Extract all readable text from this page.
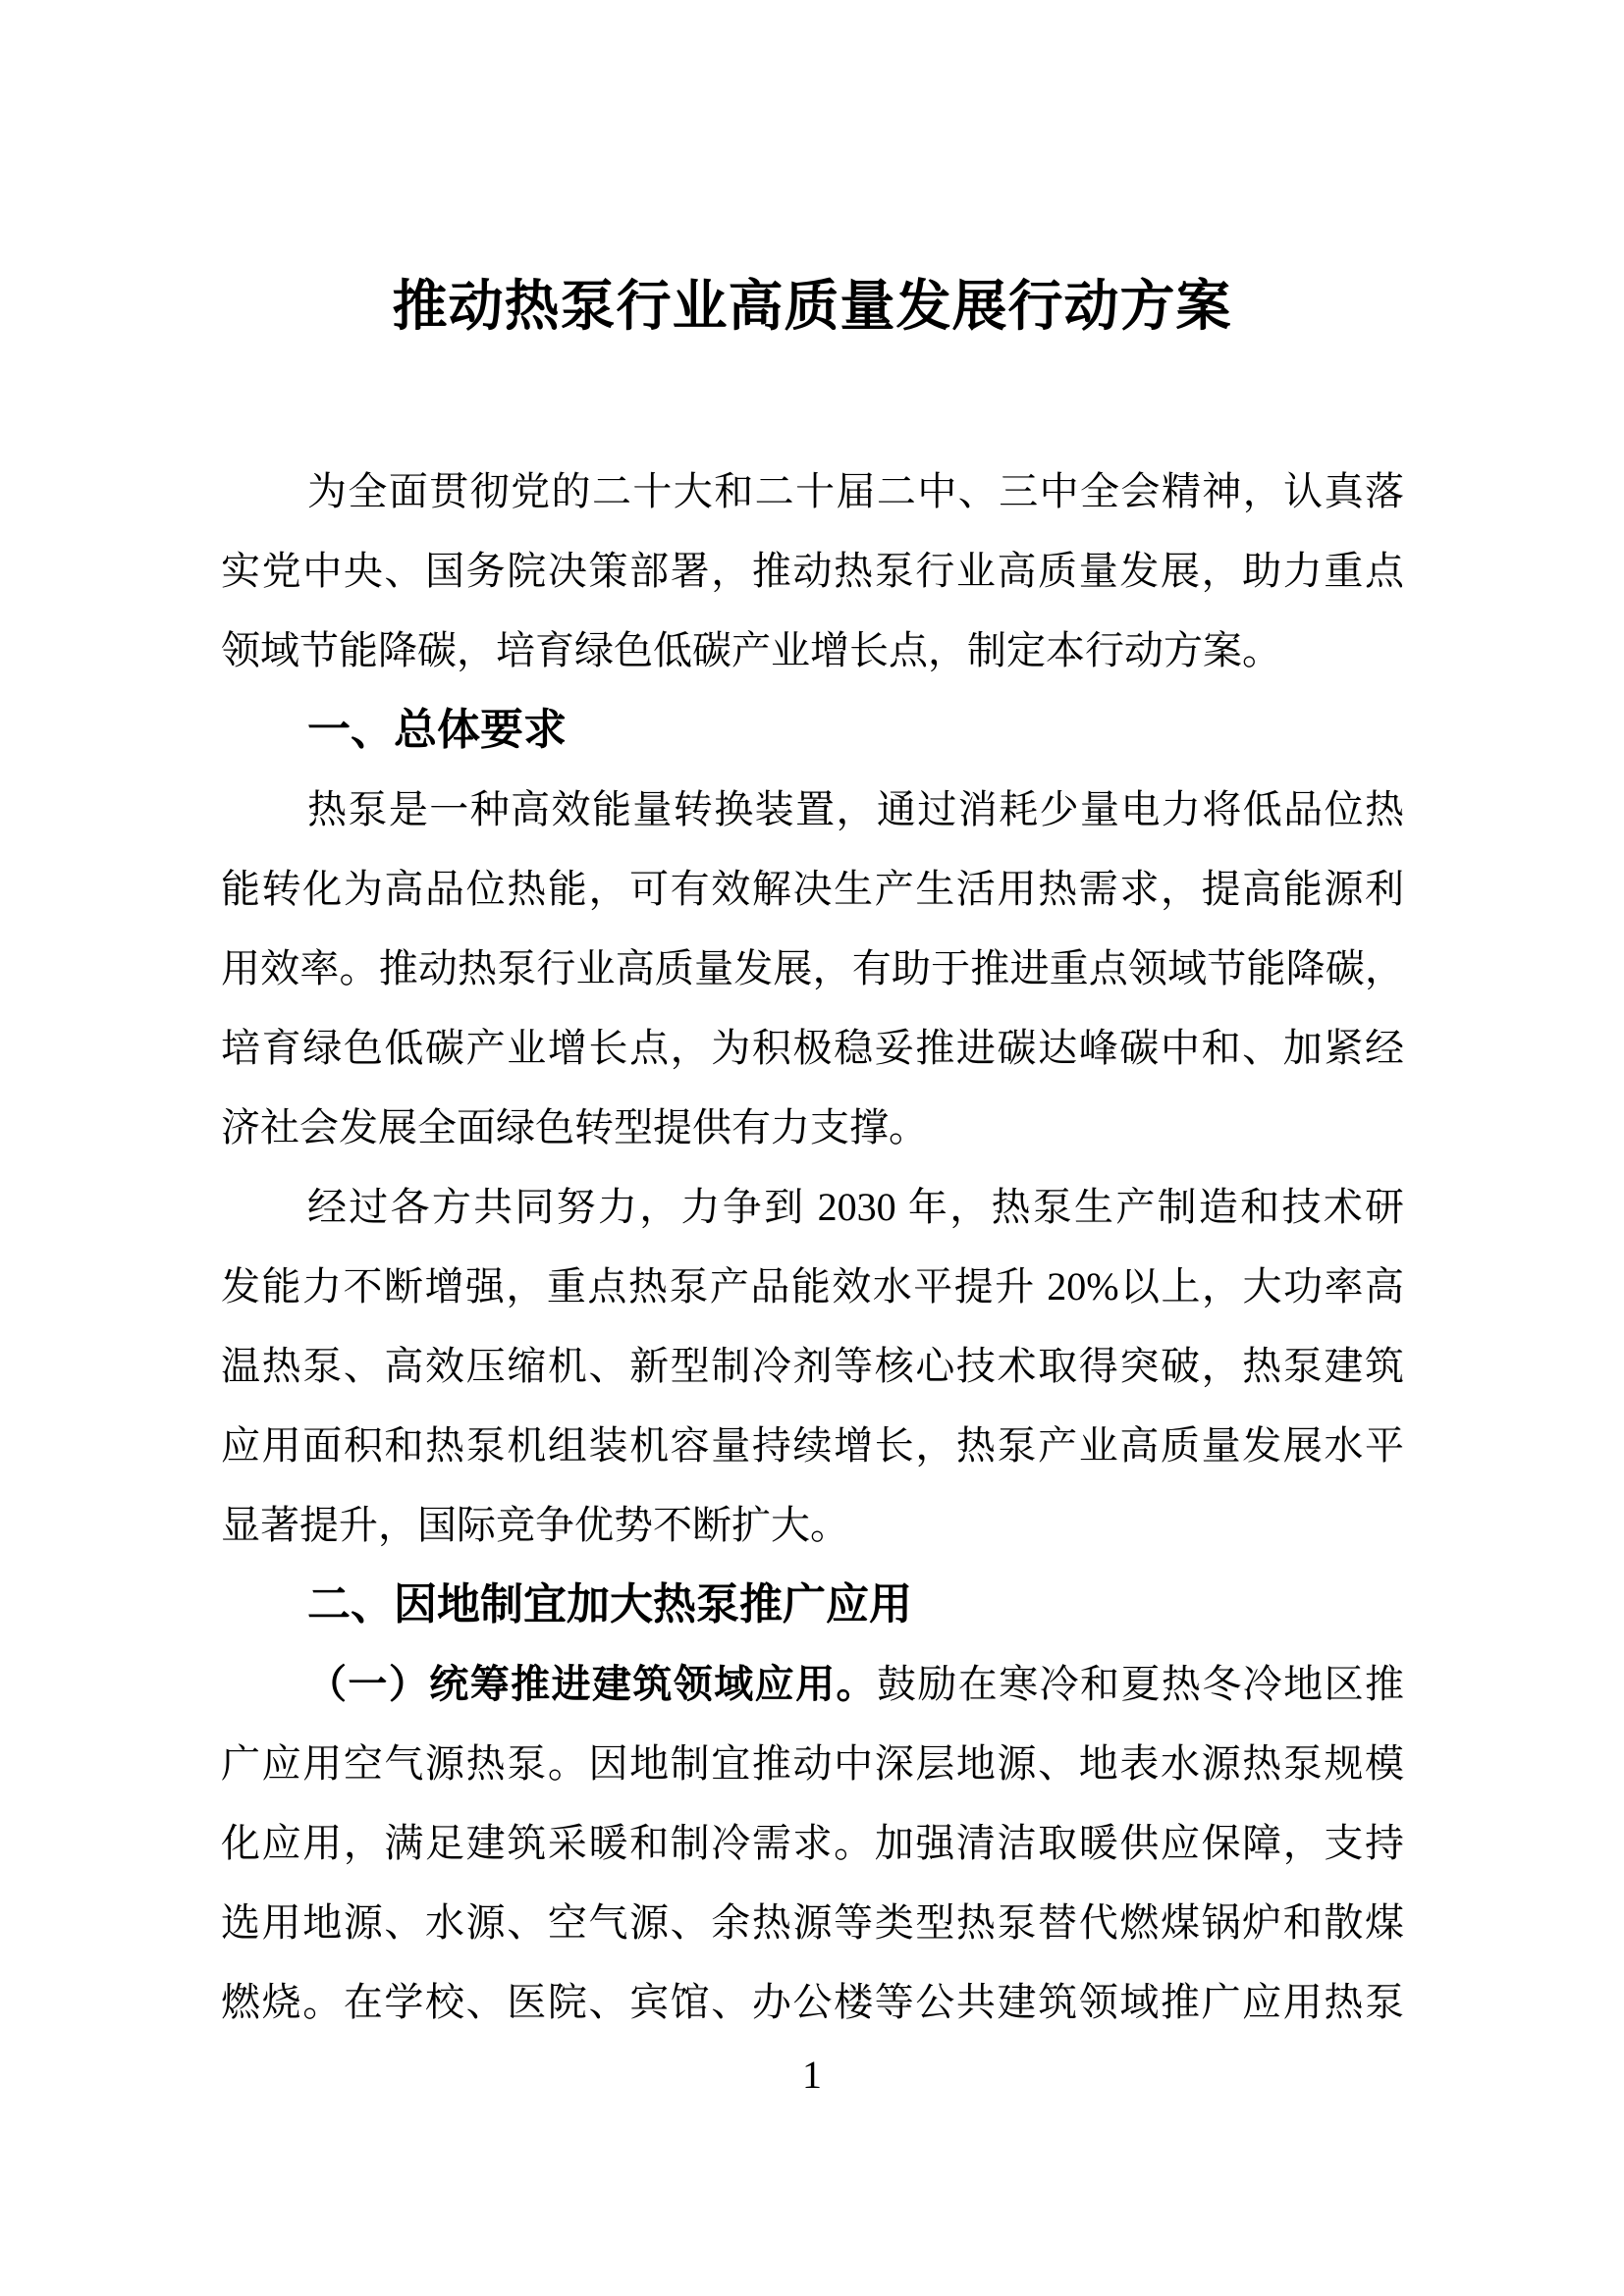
推动热泵行业高质量发展行动方案
为全面贯彻党的二十大和二十届二中、三中全会精神，认真落
实党中央、国务院决策部署，推动热泵行业高质量发展，助力重点
领域节能降碳，培育绿色低碳产业增长点，制定本行动方案。
一、总体要求
热泵是一种高效能量转换装置，通过消耗少量电力将低品位热
能转化为高品位热能，可有效解决生产生活用热需求，提高能源利
用效率。推动热泵行业高质量发展，有助于推进重点领域节能降碳，
培育绿色低碳产业增长点，为积极稳妥推进碳达峰碳中和、加紧经
济社会发展全面绿色转型提供有力支撑。
经过各方共同努力，力争到 2030 年，热泵生产制造和技术研
发能力不断增强，重点热泵产品能效水平提升 20%以上，大功率高
温热泵、高效压缩机、新型制冷剂等核心技术取得突破，热泵建筑
应用面积和热泵机组装机容量持续增长，热泵产业高质量发展水平
显著提升，国际竞争优势不断扩大。
二、因地制宜加大热泵推广应用
（一）统筹推进建筑领域应用。鼓励在寒冷和夏热冬冷地区推
广应用空气源热泵。因地制宜推动中深层地源、地表水源热泵规模
化应用，满足建筑采暖和制冷需求。加强清洁取暖供应保障，支持
选用地源、水源、空气源、余热源等类型热泵替代燃煤锅炉和散煤
燃烧。在学校、医院、宾馆、办公楼等公共建筑领域推广应用热泵
1
